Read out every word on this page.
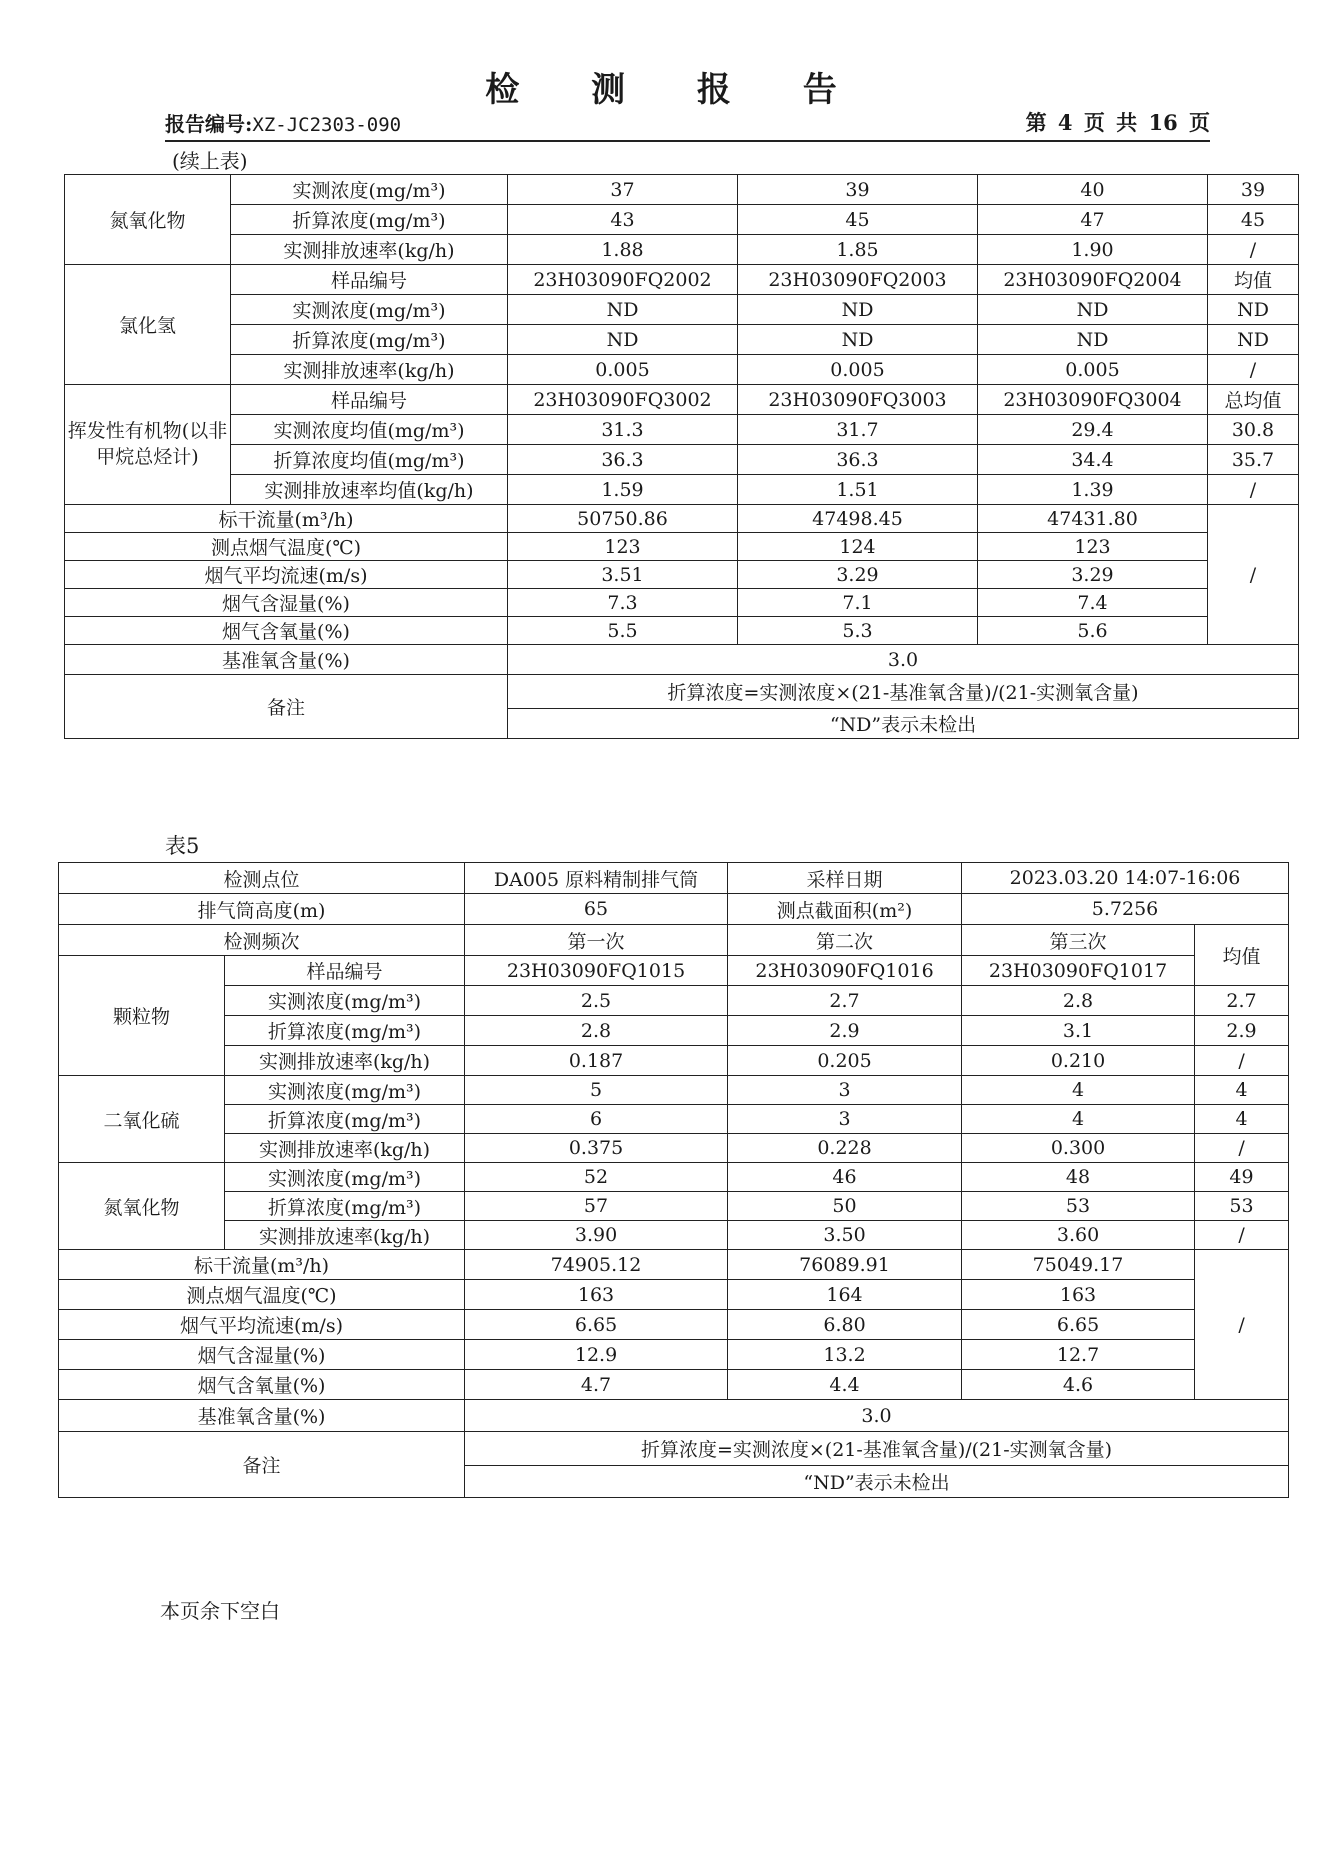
检 测 报 告
报告编号:XZ-JC2303-090	第 4 页 共 16 页
(续上表)
氮氧化物	实测浓度(mg/m³)	37	39	40	39
	折算浓度(mg/m³)	43	45	47	45
	实测排放速率(kg/h)	1.88	1.85	1.90	/
氯化氢	样品编号	23H03090FQ2002	23H03090FQ2003	23H03090FQ2004	均值
	实测浓度(mg/m³)	ND	ND	ND	ND
	折算浓度(mg/m³)	ND	ND	ND	ND
	实测排放速率(kg/h)	0.005	0.005	0.005	/
挥发性有机物(以非甲烷总烃计)	样品编号	23H03090FQ3002	23H03090FQ3003	23H03090FQ3004	总均值
	实测浓度均值(mg/m³)	31.3	31.7	29.4	30.8
	折算浓度均值(mg/m³)	36.3	36.3	34.4	35.7
	实测排放速率均值(kg/h)	1.59	1.51	1.39	/
标干流量(m³/h)		50750.86	47498.45	47431.80	/
测点烟气温度(℃)		123	124	123	
烟气平均流速(m/s)		3.51	3.29	3.29	
烟气含湿量(%)		7.3	7.1	7.4	
烟气含氧量(%)		5.5	5.3	5.6	
基准氧含量(%)		3.0			
备注		折算浓度=实测浓度×(21-基准氧含量)/(21-实测氧含量)			
		“ND”表示未检出			
表5
检测点位		DA005 原料精制排气筒	采样日期	2023.03.20 14:07-16:06	
排气筒高度(m)		65	测点截面积(m²)	5.7256	
检测频次		第一次	第二次	第三次	均值
颗粒物	样品编号	23H03090FQ1015	23H03090FQ1016	23H03090FQ1017	
	实测浓度(mg/m³)	2.5	2.7	2.8	2.7
	折算浓度(mg/m³)	2.8	2.9	3.1	2.9
	实测排放速率(kg/h)	0.187	0.205	0.210	/
二氧化硫	实测浓度(mg/m³)	5	3	4	4
	折算浓度(mg/m³)	6	3	4	4
	实测排放速率(kg/h)	0.375	0.228	0.300	/
氮氧化物	实测浓度(mg/m³)	52	46	48	49
	折算浓度(mg/m³)	57	50	53	53
	实测排放速率(kg/h)	3.90	3.50	3.60	/
标干流量(m³/h)		74905.12	76089.91	75049.17	/
测点烟气温度(℃)		163	164	163	
烟气平均流速(m/s)		6.65	6.80	6.65	
烟气含湿量(%)		12.9	13.2	12.7	
烟气含氧量(%)		4.7	4.4	4.6	
基准氧含量(%)		3.0			
备注		折算浓度=实测浓度×(21-基准氧含量)/(21-实测氧含量)			
		“ND”表示未检出			
本页余下空白
